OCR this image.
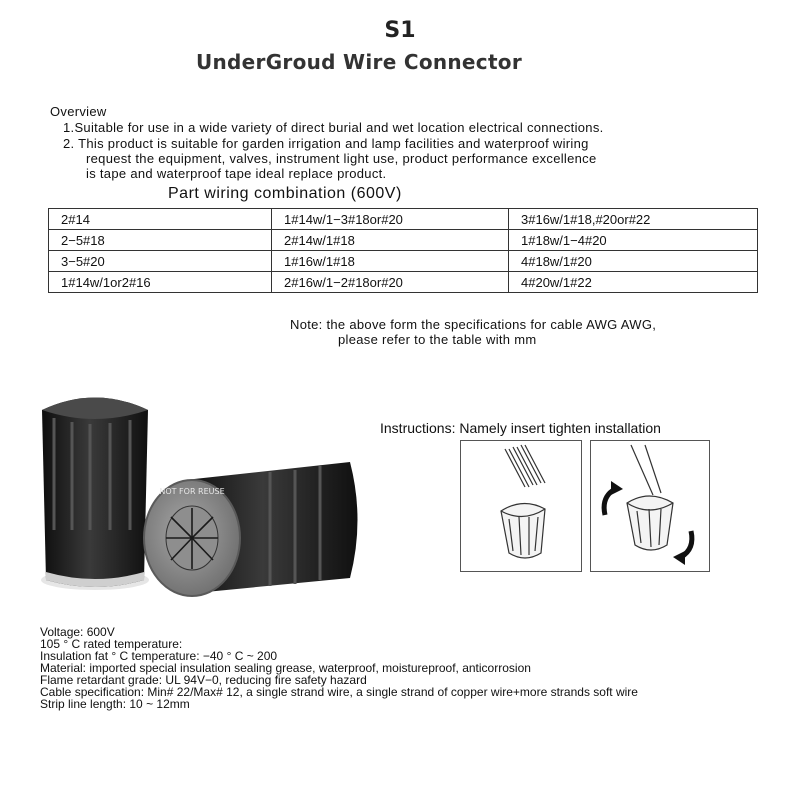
S1
UnderGroud Wire Connector
Overview
1.Suitable for use in a wide variety of direct burial and wet location electrical connections.
2. This product is suitable for garden irrigation and lamp facilities and waterproof wiring
request the equipment, valves, instrument light use, product performance excellence
is tape and waterproof tape ideal replace product.
Part wiring combination (600V)
2#14	1#14w/1−3#18or#20	3#16w/1#18,#20or#22
2−5#18	2#14w/1#18	1#18w/1−4#20
3−5#20	1#16w/1#18	4#18w/1#20
1#14w/1or2#16	2#16w/1−2#18or#20	4#20w/1#22
Note: the above form the specifications for cable AWG AWG,
please refer to the table with mm
NOT FOR REUSE
Instructions: Namely insert tighten installation
Voltage: 600V
105 ° C rated temperature:
Insulation fat ° C temperature: −40 ° C ~ 200
Material: imported special insulation sealing grease, waterproof, moistureproof, anticorrosion
Flame retardant grade: UL 94V−0, reducing fire safety hazard
Cable specification: Min# 22/Max# 12, a single strand wire, a single strand of copper wire+more strands soft wire
Strip line length: 10 ~ 12mm
